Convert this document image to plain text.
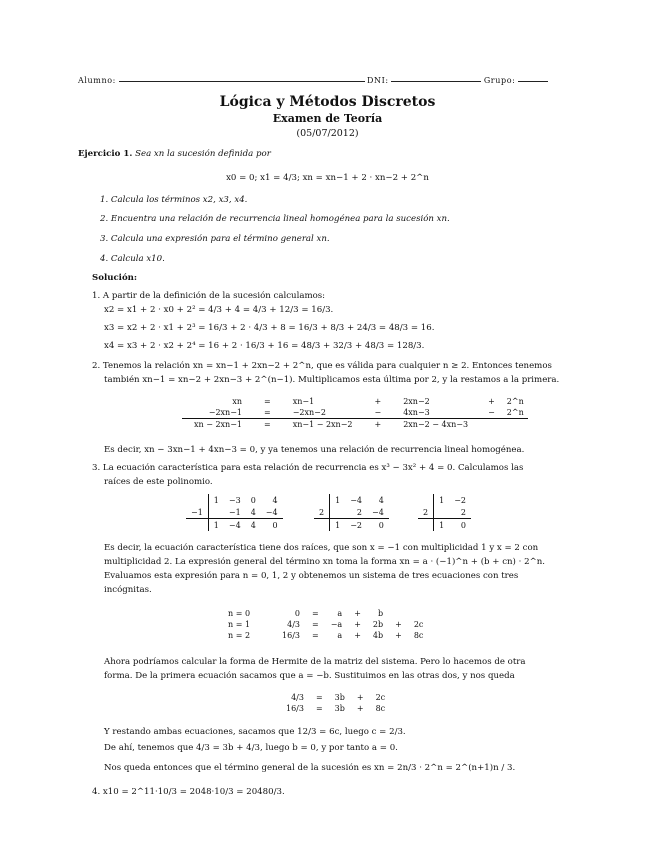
Alumno:	DNI:	Grupo:
Lógica y Métodos Discretos
Examen de Teoría
(05/07/2012)
Ejercicio 1. Sea xn la sucesión definida por
x0 = 0; x1 = 4/3; xn = xn−1 + 2 · xn−2 + 2^n
1. Calcula los términos x2, x3, x4.
2. Encuentra una relación de recurrencia lineal homogénea para la sucesión xn.
3. Calcula una expresión para el término general xn.
4. Calcula x10.
Solución:
1. A partir de la definición de la sucesión calculamos:
x2 = x1 + 2 · x0 + 2² = 4/3 + 4 = 4/3 + 12/3 = 16/3.
x3 = x2 + 2 · x1 + 2³ = 16/3 + 2 · 4/3 + 8 = 16/3 + 8/3 + 24/3 = 48/3 = 16.
x4 = x3 + 2 · x2 + 2⁴ = 16 + 2 · 16/3 + 16 = 48/3 + 32/3 + 48/3 = 128/3.
2. Tenemos la relación xn = xn−1 + 2xn−2 + 2^n, que es válida para cualquier n ≥ 2. Entonces tenemos
también xn−1 = xn−2 + 2xn−3 + 2^(n−1). Multiplicamos esta última por 2, y la restamos a la primera.
xn	=	xn−1	+	2xn−2	+	2^n
−2xn−1	=	−2xn−2	−	4xn−3	−	2^n
xn − 2xn−1	=	xn−1 − 2xn−2	+	2xn−2 − 4xn−3		
Es decir, xn − 3xn−1 + 4xn−3 = 0, y ya tenemos una relación de recurrencia lineal homogénea.
3. La ecuación característica para esta relación de recurrencia es x³ − 3x² + 4 = 0. Calculamos las
raíces de este polinomio.
	1	−3	0	4
−1		−1	4	−4
	1	−4	4	0
	1	−4	4
2		2	−4
	1	−2	0
	1	−2
2		2
	1	0
Es decir, la ecuación característica tiene dos raíces, que son x = −1 con multiplicidad 1 y x = 2 con
multiplicidad 2. La expresión general del término xn toma la forma xn = a · (−1)^n + (b + cn) · 2^n.
Evaluamos esta expresión para n = 0, 1, 2 y obtenemos un sistema de tres ecuaciones con tres
incógnitas.
n = 0	0	=	a	+	b		
n = 1	4/3	=	−a	+	2b	+	2c
n = 2	16/3	=	a	+	4b	+	8c
Ahora podríamos calcular la forma de Hermite de la matriz del sistema. Pero lo hacemos de otra
forma. De la primera ecuación sacamos que a = −b. Sustituimos en las otras dos, y nos queda
4/3	=	3b	+	2c
16/3	=	3b	+	8c
Y restando ambas ecuaciones, sacamos que 12/3 = 6c, luego c = 2/3.
De ahí, tenemos que 4/3 = 3b + 4/3, luego b = 0, y por tanto a = 0.
Nos queda entonces que el término general de la sucesión es xn = 2n/3 · 2^n = 2^(n+1)n / 3.
4. x10 = 2^11·10/3 = 2048·10/3 = 20480/3.
